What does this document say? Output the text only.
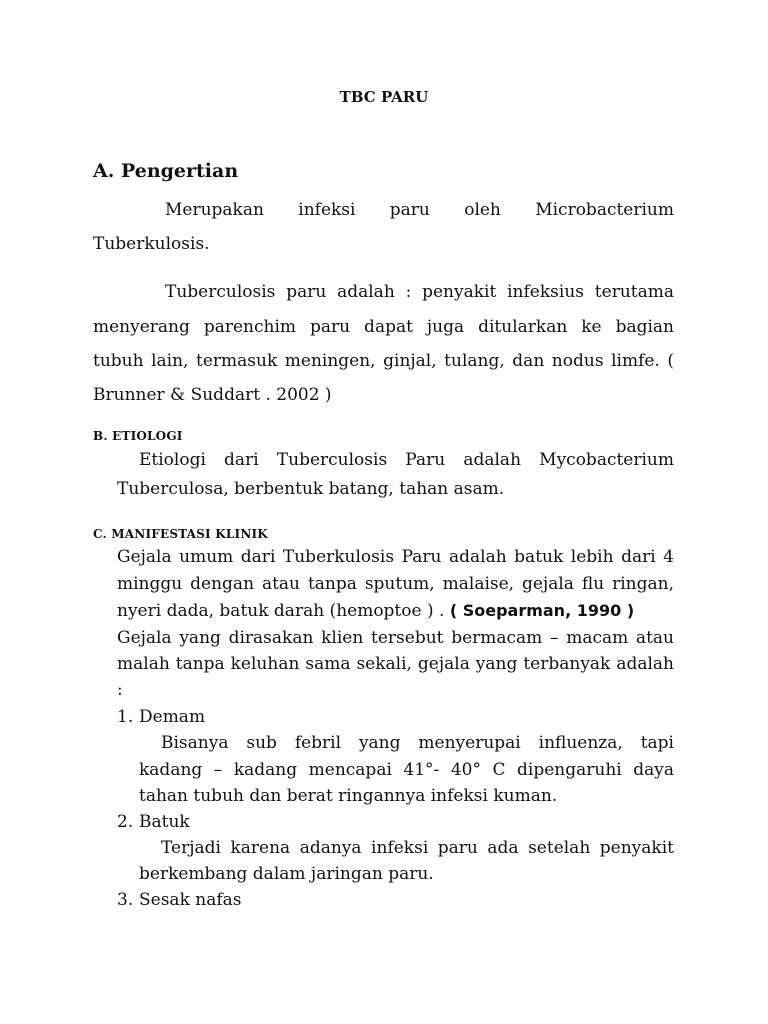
TBC PARU
A. Pengertian
Merupakan infeksi paru oleh Microbacterium
Tuberkulosis.
Tuberculosis paru adalah : penyakit infeksius terutama
menyerang parenchim paru dapat juga ditularkan ke bagian
tubuh lain, termasuk meningen, ginjal, tulang, dan nodus limfe. (
Brunner & Suddart . 2002 )
B. ETIOLOGI
Etiologi dari Tuberculosis Paru adalah Mycobacterium
Tuberculosa, berbentuk batang, tahan asam.
C. MANIFESTASI KLINIK
Gejala umum dari Tuberkulosis Paru adalah batuk lebih dari 4
minggu dengan atau tanpa sputum, malaise, gejala flu ringan,
nyeri dada, batuk darah (hemoptoe ) . ( Soeparman, 1990 )
Gejala yang dirasakan klien tersebut bermacam – macam atau
malah tanpa keluhan sama sekali, gejala yang terbanyak adalah
:
1. Demam
Bisanya sub febril yang menyerupai influenza, tapi
kadang – kadang mencapai 41°- 40° C dipengaruhi daya
tahan tubuh dan berat ringannya infeksi kuman.
2. Batuk
Terjadi karena adanya infeksi paru ada setelah penyakit
berkembang dalam jaringan paru.
3. Sesak nafas
